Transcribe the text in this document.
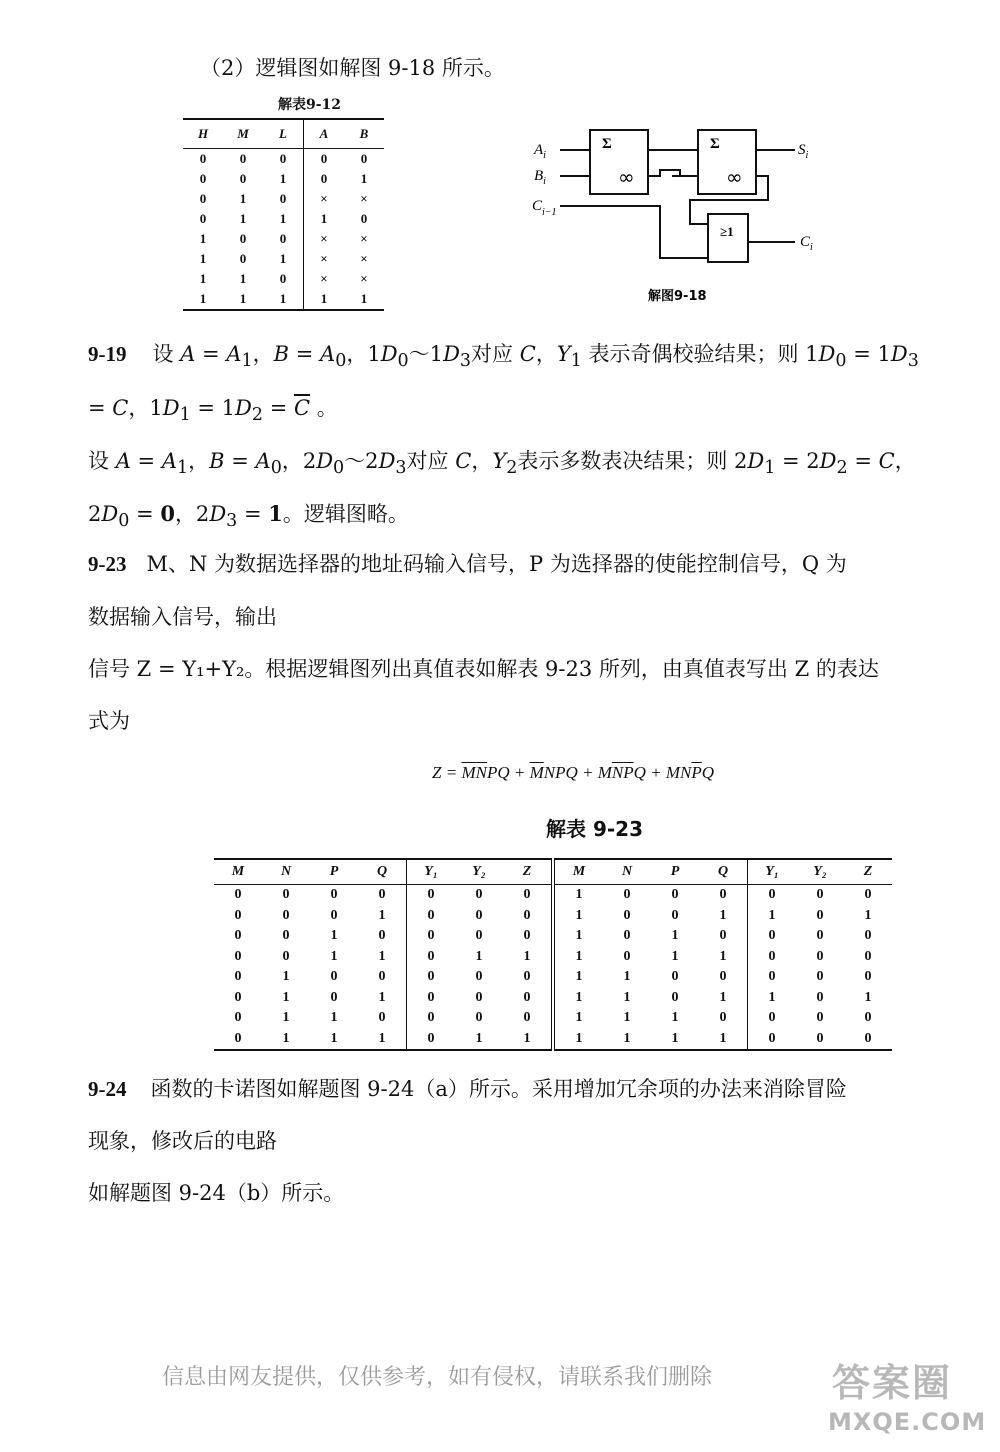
（2）逻辑图如解图 9-18 所示。
解表9-12
H	M	L	A	B
0	0	0	0	0
0	0	1	0	1
0	1	0	×	×
0	1	1	1	0
1	0	0	×	×
1	0	1	×	×
1	1	0	×	×
1	1	1	1	1
Σ
∞
Σ
∞
≥1
$A_i$
$B_i$
$C_{i-1}$
$S_i$
$C_i$
解图9-18
9-19 设 $A = A_1$，$B = A_0$，$1D_0\sim 1D_3$对应 C，$Y_1$ 表示奇偶校验结果；则 $1D_0 = 1D_3$
= C，$1D_1 = 1D_2 = \overline{C}$ 。
设 $A = A_1$，$B = A_0$，$2D_0\sim 2D_3$对应 C，$Y_2$表示多数表决结果；则 $2D_1 = 2D_2 = C$，
$2D_0 = 0$，$2D_3 = 1$。逻辑图略。
9-23 M、N 为数据选择器的地址码输入信号，P 为选择器的使能控制信号，Q 为
数据输入信号，输出
信号 Z = Y₁+Y₂。根据逻辑图列出真值表如解表 9-23 所列，由真值表写出 Z 的表达
式为
$Z = \overline{M}\overline{N}PQ + \overline{M}NPQ + M\overline{N}\overline{P}Q + MN\overline{P}Q$
解表 9-23
M	N	P	Q	Y₁	Y₂	Z	M	N	P	Q	Y₁	Y₂	Z
0	0	0	0	0	0	0	1	0	0	0	0	0	0
0	0	0	1	0	0	0	1	0	0	1	1	0	1
0	0	1	0	0	0	0	1	0	1	0	0	0	0
0	0	1	1	0	1	1	1	0	1	1	0	0	0
0	1	0	0	0	0	0	1	1	0	0	0	0	0
0	1	0	1	0	0	0	1	1	0	1	1	0	1
0	1	1	0	0	0	0	1	1	1	0	0	0	0
0	1	1	1	0	1	1	1	1	1	1	0	0	0
9-24 函数的卡诺图如解题图 9-24（a）所示。采用增加冗余项的办法来消除冒险
现象，修改后的电路
如解题图 9-24（b）所示。
信息由网友提供，仅供参考，如有侵权，请联系我们删除	答案圈
MXQE.COM
